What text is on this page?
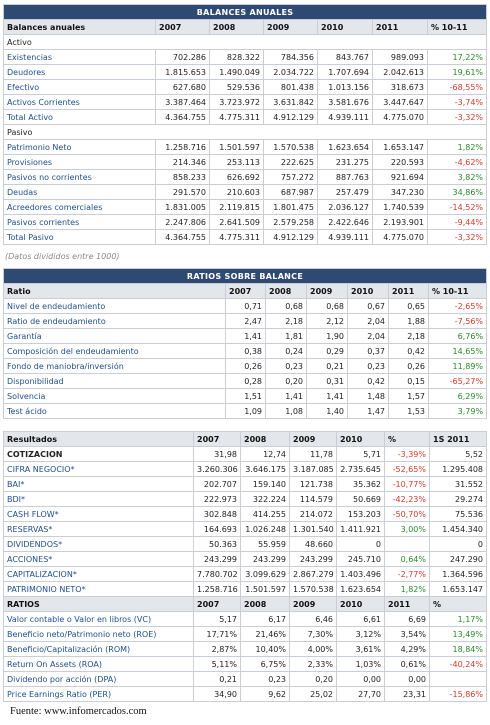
BALANCES ANUALES						
Balances anuales	2007	2008	2009	2010	2011	% 10-11
Activo						
Existencias	702.286	828.322	784.356	843.767	989.093	17,22%
Deudores	1.815.653	1.490.049	2.034.722	1.707.694	2.042.613	19,61%
Efectivo	627.680	529.536	801.438	1.013.156	318.673	-68,55%
Activos Corrientes	3.387.464	3.723.972	3.631.842	3.581.676	3.447.647	-3,74%
Total Activo	4.364.755	4.775.311	4.912.129	4.939.111	4.775.070	-3,32%
Pasivo						
Patrimonio Neto	1.258.716	1.501.597	1.570.538	1.623.654	1.653.147	1,82%
Provisiones	214.346	253.113	222.625	231.275	220.593	-4,62%
Pasivos no corrientes	858.233	626.692	757.272	887.763	921.694	3,82%
Deudas	291.570	210.603	687.987	257.479	347.230	34,86%
Acreedores comerciales	1.831.005	2.119.815	1.801.475	2.036.127	1.740.539	-14,52%
Pasivos corrientes	2.247.806	2.641.509	2.579.258	2.422.646	2.193.901	-9,44%
Total Pasivo	4.364.755	4.775.311	4.912.129	4.939.111	4.775.070	-3,32%
(Datos divididos entre 1000)
RATIOS SOBRE BALANCE						
Ratio	2007	2008	2009	2010	2011	% 10-11
Nivel de endeudamiento	0,71	0,68	0,68	0,67	0,65	-2,65%
Ratio de endeudamiento	2,47	2,18	2,12	2,04	1,88	-7,56%
Garantía	1,41	1,81	1,90	2,04	2,18	6,76%
Composición del endeudamiento	0,38	0,24	0,29	0,37	0,42	14,65%
Fondo de maniobra/inversión	0,26	0,23	0,21	0,23	0,26	11,89%
Disponibilidad	0,28	0,20	0,31	0,42	0,15	-65,27%
Solvencia	1,51	1,41	1,41	1,48	1,57	6,29%
Test ácido	1,09	1,08	1,40	1,47	1,53	3,79%
Resultados	2007	2008	2009	2010	%	1S 2011
COTIZACION	31,98	12,74	11,78	5,71	-3,39%	5,52
CIFRA NEGOCIO*	3.260.306	3.646.175	3.187.085	2.735.645	-52,65%	1.295.408
BAI*	202.707	159.140	121.738	35.362	-10,77%	31.552
BDI*	222.973	322.224	114.579	50.669	-42,23%	29.274
CASH FLOW*	302.848	414.255	214.072	153.203	-50,70%	75.536
RESERVAS*	164.693	1.026.248	1.301.540	1.411.921	3,00%	1.454.340
DIVIDENDOS*	50.363	55.959	48.660	0		0
ACCIONES*	243.299	243.299	243.299	245.710	0,64%	247.290
CAPITALIZACION*	7.780.702	3.099.629	2.867.279	1.403.496	-2,77%	1.364.596
PATRIMONIO NETO*	1.258.716	1.501.597	1.570.538	1.623.654	1,82%	1.653.147
RATIOS	2007	2008	2009	2010	2011	%
Valor contable o Valor en libros (VC)	5,17	6,17	6,46	6,61	6,69	1,17%
Beneficio neto/Patrimonio neto (ROE)	17,71%	21,46%	7,30%	3,12%	3,54%	13,49%
Beneficio/Capitalización (ROM)	2,87%	10,40%	4,00%	3,61%	4,29%	18,84%
Return On Assets (ROA)	5,11%	6,75%	2,33%	1,03%	0,61%	-40,24%
Dividendo por acción (DPA)	0,21	0,23	0,20	0,00	0,00	
Price Earnings Ratio (PER)	34,90	9,62	25,02	27,70	23,31	-15,86%
Fuente: www.infomercados.com
